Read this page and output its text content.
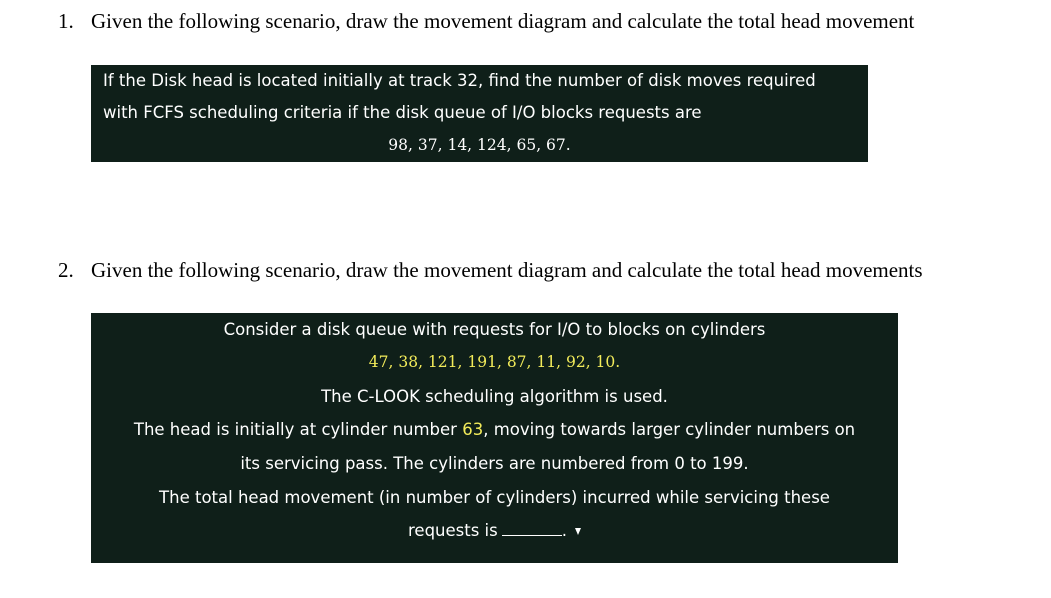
1. Given the following scenario, draw the movement diagram and calculate the total head movement
If the Disk head is located initially at track 32, find the number of disk moves required
with FCFS scheduling criteria if the disk queue of I/O blocks requests are
98, 37, 14, 124, 65, 67.
2. Given the following scenario, draw the movement diagram and calculate the total head movements
Consider a disk queue with requests for I/O to blocks on cylinders
47, 38, 121, 191, 87, 11, 92, 10.
The C-LOOK scheduling algorithm is used.
The head is initially at cylinder number 63, moving towards larger cylinder numbers on
its servicing pass. The cylinders are numbered from 0 to 199.
The total head movement (in number of cylinders) incurred while servicing these
requests is	.
